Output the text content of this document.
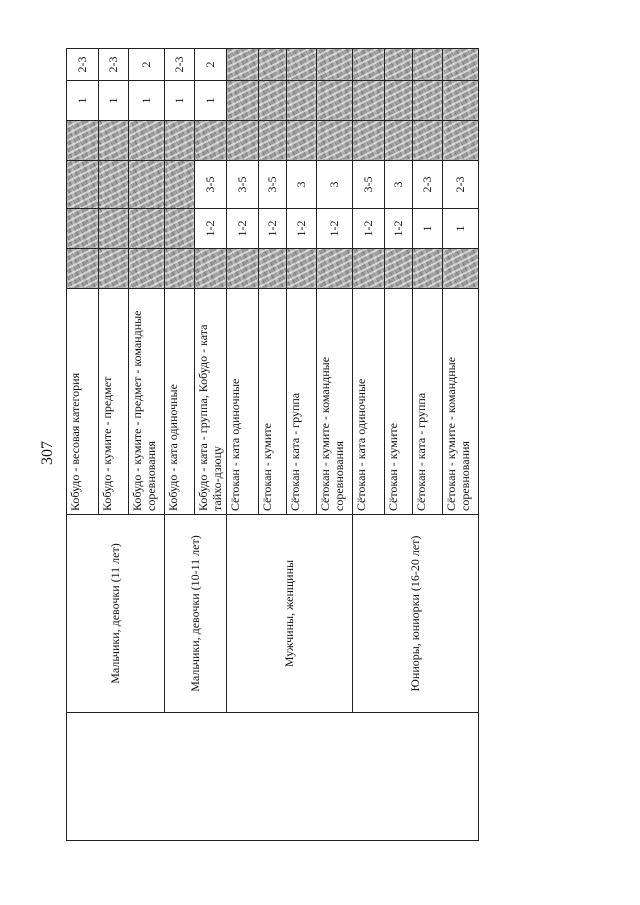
307
	Мальчики, девочки (11 лет)	Кобудо - весовая категория					1	2-3
		Кобудо - кумите - предмет					1	2-3
		Кобудо - кумите - предмет - командные соревнования					1	2
	Мальчики, девочки (10-11 лет)	Кобудо - ката одиночные					1	2-3
		Кобудо - ката - группа, Кобудо - ката тайхо-дзюцу		1-2	3-5		1	2
	Мужчины, женщины	Сётокан - ката одиночные		1-2	3-5			
		Сётокан - кумите		1-2	3-5			
		Сётокан - ката - группа		1-2	3			
		Сётокан - кумите - командные соревнования		1-2	3			
	Юниоры, юниорки (16-20 лет)	Сётокан - ката одиночные		1-2	3-5			
		Сётокан - кумите		1-2	3			
		Сётокан - ката - группа		1	2-3			
		Сётокан - кумите - командные соревнования		1	2-3			
